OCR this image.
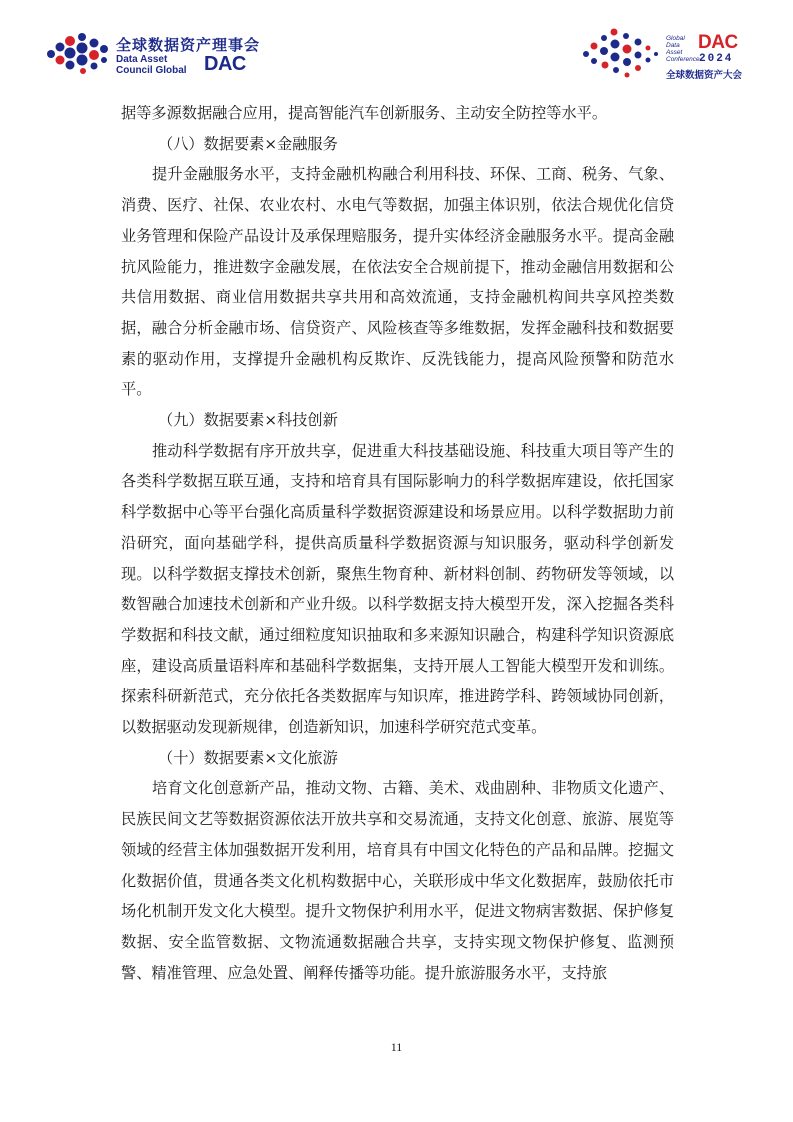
全球数据资产理事会
Data Asset
Council Global DAC
Global
Data
Asset
Conference
DAC
2024
全球数据资产大会

据等多源数据融合应用，提高智能汽车创新服务、主动安全防控等水平。

（八）数据要素×金融服务

提升金融服务水平，支持金融机构融合利用科技、环保、工商、税务、气象、消费、医疗、社保、农业农村、水电气等数据，加强主体识别，依法合规优化信贷业务管理和保险产品设计及承保理赔服务，提升实体经济金融服务水平。提高金融抗风险能力，推进数字金融发展，在依法安全合规前提下，推动金融信用数据和公共信用数据、商业信用数据共享共用和高效流通，支持金融机构间共享风控类数据，融合分析金融市场、信贷资产、风险核查等多维数据，发挥金融科技和数据要素的驱动作用，支撑提升金融机构反欺诈、反洗钱能力，提高风险预警和防范水平。

（九）数据要素×科技创新

推动科学数据有序开放共享，促进重大科技基础设施、科技重大项目等产生的各类科学数据互联互通，支持和培育具有国际影响力的科学数据库建设，依托国家科学数据中心等平台强化高质量科学数据资源建设和场景应用。以科学数据助力前沿研究，面向基础学科，提供高质量科学数据资源与知识服务，驱动科学创新发现。以科学数据支撑技术创新，聚焦生物育种、新材料创制、药物研发等领域，以数智融合加速技术创新和产业升级。以科学数据支持大模型开发，深入挖掘各类科学数据和科技文献，通过细粒度知识抽取和多来源知识融合，构建科学知识资源底座，建设高质量语料库和基础科学数据集，支持开展人工智能大模型开发和训练。探索科研新范式，充分依托各类数据库与知识库，推进跨学科、跨领域协同创新，以数据驱动发现新规律，创造新知识，加速科学研究范式变革。

（十）数据要素×文化旅游

培育文化创意新产品，推动文物、古籍、美术、戏曲剧种、非物质文化遗产、民族民间文艺等数据资源依法开放共享和交易流通，支持文化创意、旅游、展览等领域的经营主体加强数据开发利用，培育具有中国文化特色的产品和品牌。挖掘文化数据价值，贯通各类文化机构数据中心，关联形成中华文化数据库，鼓励依托市场化机制开发文化大模型。提升文物保护利用水平，促进文物病害数据、保护修复数据、安全监管数据、文物流通数据融合共享，支持实现文物保护修复、监测预警、精准管理、应急处置、阐释传播等功能。提升旅游服务水平，支持旅

11
